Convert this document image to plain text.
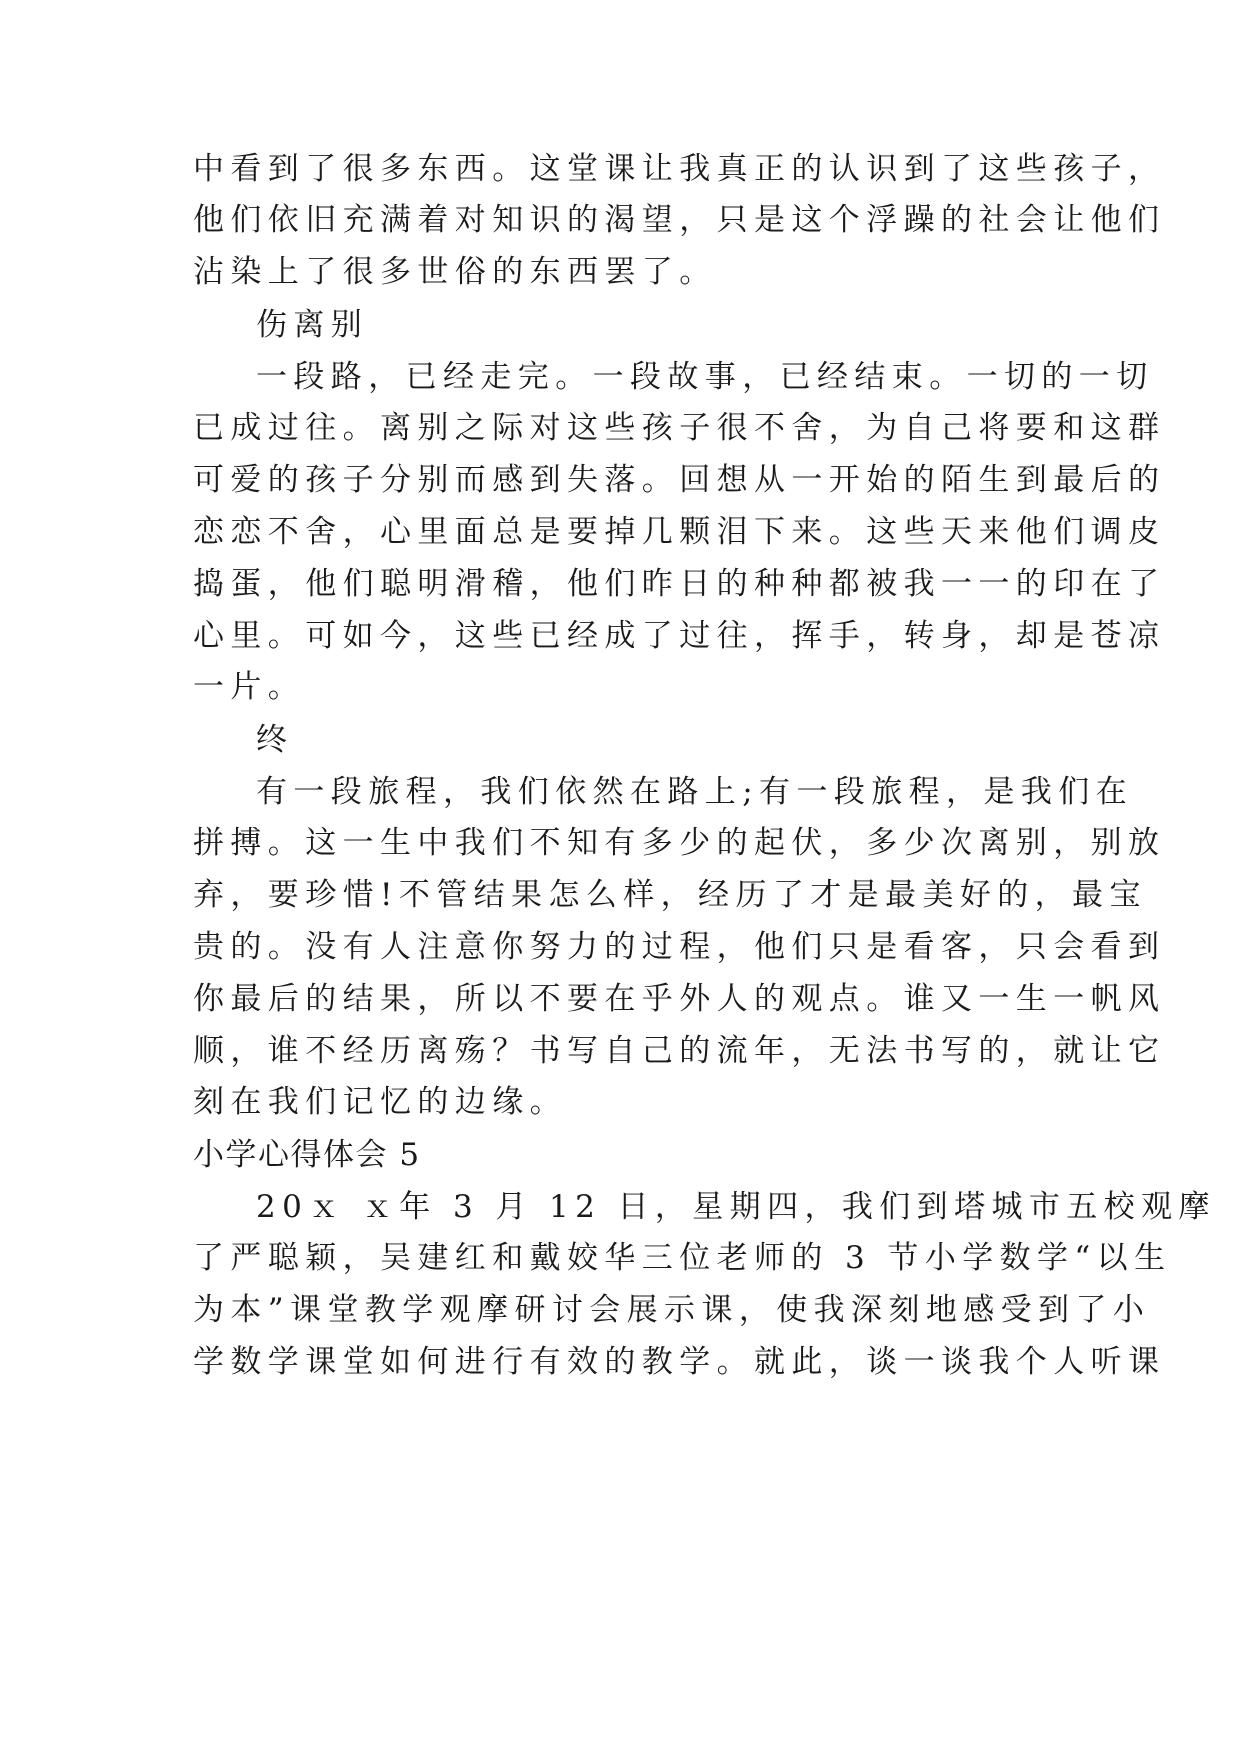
中看到了很多东西。这堂课让我真正的认识到了这些孩子，
他们依旧充满着对知识的渴望，只是这个浮躁的社会让他们
沾染上了很多世俗的东西罢了。
伤离别
一段路，已经走完。一段故事，已经结束。一切的一切
已成过往。离别之际对这些孩子很不舍，为自己将要和这群
可爱的孩子分别而感到失落。回想从一开始的陌生到最后的
恋恋不舍，心里面总是要掉几颗泪下来。这些天来他们调皮
捣蛋，他们聪明滑稽，他们昨日的种种都被我一一的印在了
心里。可如今，这些已经成了过往，挥手，转身，却是苍凉
一片。
终
有一段旅程，我们依然在路上;有一段旅程，是我们在
拼搏。这一生中我们不知有多少的起伏，多少次离别，别放
弃，要珍惜!不管结果怎么样，经历了才是最美好的，最宝
贵的。没有人注意你努力的过程，他们只是看客，只会看到
你最后的结果，所以不要在乎外人的观点。谁又一生一帆风
顺，谁不经历离殇？书写自己的流年，无法书写的，就让它
刻在我们记忆的边缘。
小学心得体会 5
20ｘ ｘ年 3 月 12 日，星期四，我们到塔城市五校观摩
了严聪颖，吴建红和戴姣华三位老师的 3 节小学数学“以生
为本”课堂教学观摩研讨会展示课，使我深刻地感受到了小
学数学课堂如何进行有效的教学。就此，谈一谈我个人听课
